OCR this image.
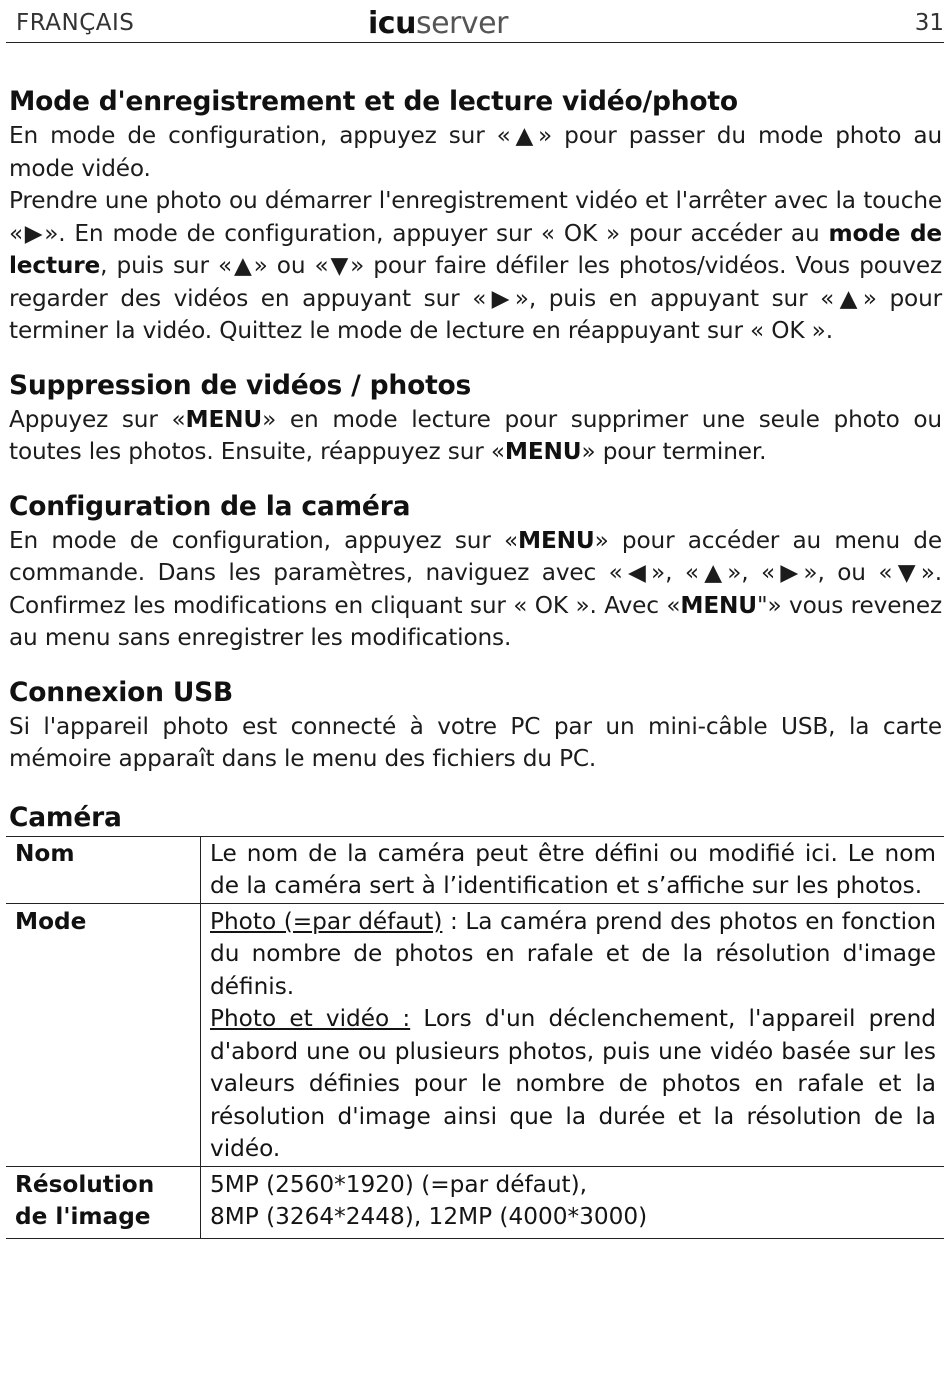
FRANÇAIS	icuserver	31
Mode d'enregistrement et de lecture vidéo/photo

En mode de configuration, appuyez sur «▲» pour passer du mode photo au mode vidéo.

Prendre une photo ou démarrer l'enregistrement vidéo et l'arrêter avec la touche «▶». En mode de configuration, appuyer sur « OK » pour accéder au mode de lecture, puis sur «▲» ou «▼» pour faire défiler les photos/vidéos. Vous pouvez regarder des vidéos en appuyant sur «▶», puis en appuyant sur «▲» pour terminer la vidéo. Quittez le mode de lecture en réappuyant sur « OK ».

Suppression de vidéos / photos

Appuyez sur «MENU» en mode lecture pour supprimer une seule photo ou toutes les photos. Ensuite, réappuyez sur «MENU» pour terminer.

Configuration de la caméra

En mode de configuration, appuyez sur «MENU» pour accéder au menu de commande. Dans les paramètres, naviguez avec «◀», «▲», «▶», ou «▼». Confirmez les modifications en cliquant sur « OK ». Avec «MENU"» vous revenez au menu sans enregistrer les modifications.

Connexion USB

Si l'appareil photo est connecté à votre PC par un mini-câble USB, la carte mémoire apparaît dans le menu des fichiers du PC.

Caméra
Nom	Le nom de la caméra peut être défini ou modifié ici. Le nom de la caméra sert à l’identification et s’affiche sur les photos.
Mode	Photo (=par défaut) : La caméra prend des photos en fonction du nombre de photos en rafale et de la résolution d'image définis.
Photo et vidéo : Lors d'un déclenchement, l'appareil prend d'abord une ou plusieurs photos, puis une vidéo basée sur les valeurs définies pour le nombre de photos en rafale et la résolution d'image ainsi que la durée et la résolution de la vidéo.

Résolution de l'image	5MP (2560*1920) (=par défaut),
8MP (3264*2448), 12MP (4000*3000)
